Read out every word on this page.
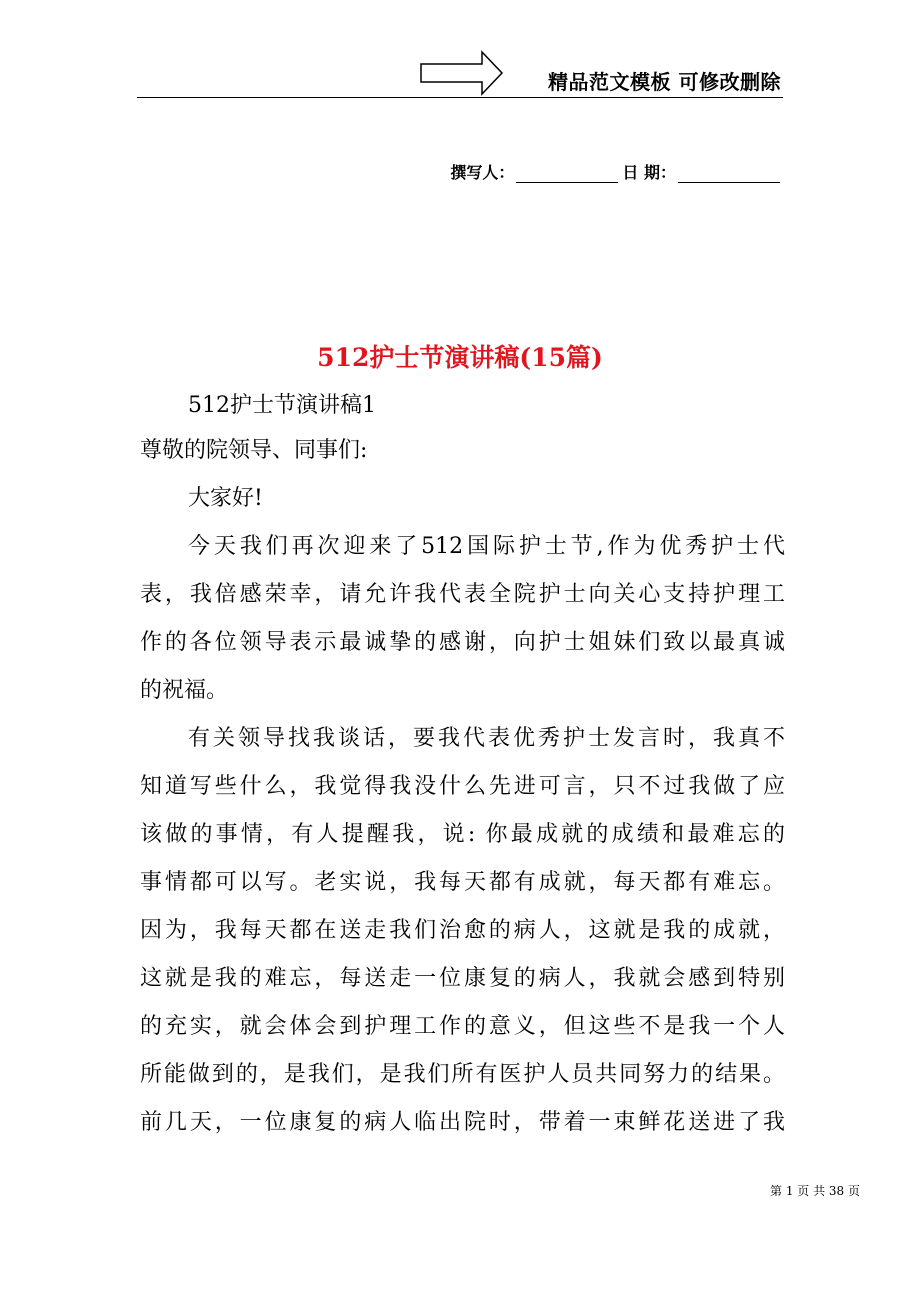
精品范文模板 可修改删除
撰写人：	日 期：
512护士节演讲稿(15篇)
512护士节演讲稿1
尊敬的院领导、同事们:
大家好!
今天我们再次迎来了512国际护士节,作为优秀护士代
表，我倍感荣幸，请允许我代表全院护士向关心支持护理工
作的各位领导表示最诚挚的感谢，向护士姐妹们致以最真诚
的祝福。
有关领导找我谈话，要我代表优秀护士发言时，我真不
知道写些什么，我觉得我没什么先进可言，只不过我做了应
该做的事情，有人提醒我，说: 你最成就的成绩和最难忘的
事情都可以写。老实说，我每天都有成就，每天都有难忘。
因为，我每天都在送走我们治愈的病人，这就是我的成就，
这就是我的难忘，每送走一位康复的病人，我就会感到特别
的充实，就会体会到护理工作的意义，但这些不是我一个人
所能做到的，是我们，是我们所有医护人员共同努力的结果。
前几天，一位康复的病人临出院时，带着一束鲜花送进了我
第 1 页 共 38 页
